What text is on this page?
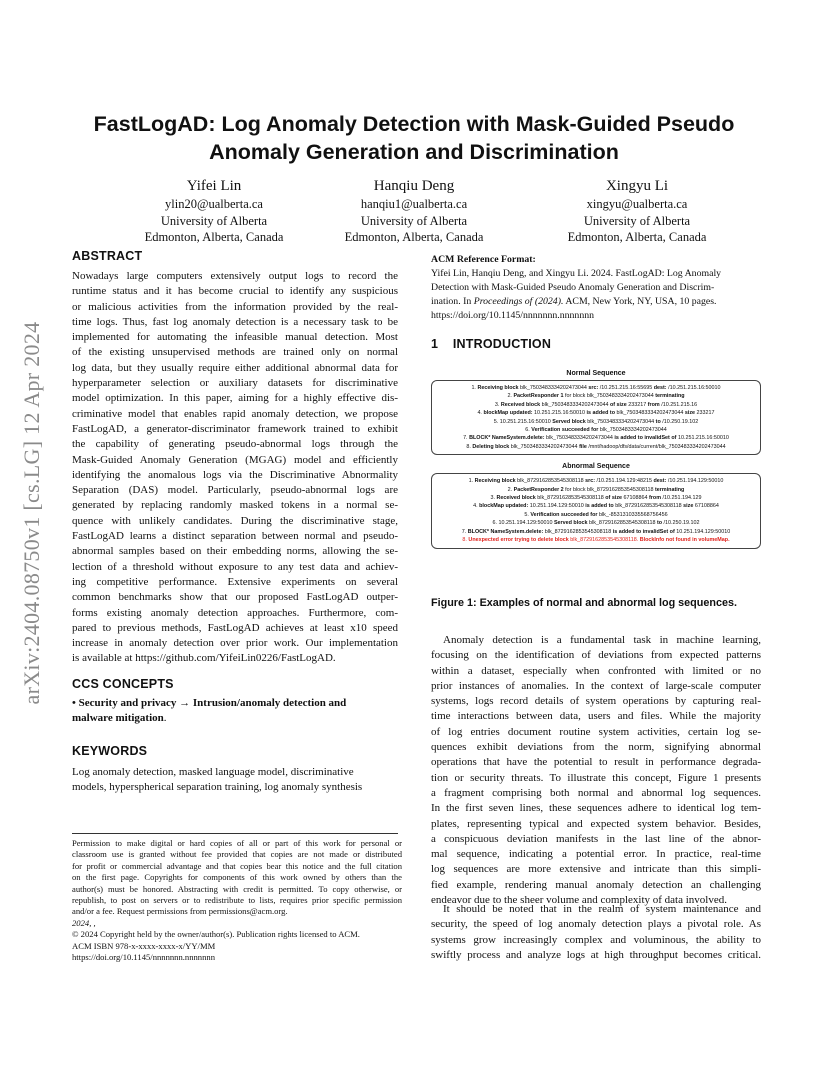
arXiv:2404.08750v1 [cs.LG] 12 Apr 2024
FastLogAD: Log Anomaly Detection with Mask-Guided Pseudo
Anomaly Generation and Discrimination
Yifei Lin
ylin20@ualberta.ca
University of Alberta
Edmonton, Alberta, Canada
Hanqiu Deng
hanqiu1@ualberta.ca
University of Alberta
Edmonton, Alberta, Canada
Xingyu Li
xingyu@ualberta.ca
University of Alberta
Edmonton, Alberta, Canada
ABSTRACT
Nowadays large computers extensively output logs to record the
runtime status and it has become crucial to identify any suspicious
or malicious activities from the information provided by the real-
time logs. Thus, fast log anomaly detection is a necessary task to be
implemented for automating the infeasible manual detection. Most
of the existing unsupervised methods are trained only on normal
log data, but they usually require either additional abnormal data for
hyperparameter selection or auxiliary datasets for discriminative
model optimization. In this paper, aiming for a highly effective dis-
criminative model that enables rapid anomaly detection, we propose
FastLogAD, a generator-discriminator framework trained to exhibit
the capability of generating pseudo-abnormal logs through the
Mask-Guided Anomaly Generation (MGAG) model and efficiently
identifying the anomalous logs via the Discriminative Abnormality
Separation (DAS) model. Particularly, pseudo-abnormal logs are
generated by replacing randomly masked tokens in a normal se-
quence with unlikely candidates. During the discriminative stage,
FastLogAD learns a distinct separation between normal and pseudo-
abnormal samples based on their embedding norms, allowing the se-
lection of a threshold without exposure to any test data and achiev-
ing competitive performance. Extensive experiments on several
common benchmarks show that our proposed FastLogAD outper-
forms existing anomaly detection approaches. Furthermore, com-
pared to previous methods, FastLogAD achieves at least x10 speed
increase in anomaly detection over prior work. Our implementation
is available at https://github.com/YifeiLin0226/FastLogAD.
CCS CONCEPTS
• Security and privacy → Intrusion/anomaly detection and
malware mitigation.
KEYWORDS
Log anomaly detection, masked language model, discriminative
models, hyperspherical separation training, log anomaly synthesis
Permission to make digital or hard copies of all or part of this work for personal or
classroom use is granted without fee provided that copies are not made or distributed
for profit or commercial advantage and that copies bear this notice and the full citation
on the first page. Copyrights for components of this work owned by others than the
author(s) must be honored. Abstracting with credit is permitted. To copy otherwise, or
republish, to post on servers or to redistribute to lists, requires prior specific permission
and/or a fee. Request permissions from permissions@acm.org.
2024, ,
© 2024 Copyright held by the owner/author(s). Publication rights licensed to ACM.
ACM ISBN 978-x-xxxx-xxxx-x/YY/MM
https://doi.org/10.1145/nnnnnnn.nnnnnnn
ACM Reference Format:
Yifei Lin, Hanqiu Deng, and Xingyu Li. 2024. FastLogAD: Log Anomaly
Detection with Mask-Guided Pseudo Anomaly Generation and Discrim-
ination. In Proceedings of (2024). ACM, New York, NY, USA, 10 pages.
https://doi.org/10.1145/nnnnnnn.nnnnnnn
1 INTRODUCTION
Normal Sequence
1. Receiving block blk_7503483334202473044 src: /10.251.215.16:55695 dest: /10.251.215.16:50010
2. PacketResponder 1 for block blk_7503483334202473044 terminating
3. Received block blk_7503483334202473044 of size 233217 from /10.251.215.16
4. blockMap updated: 10.251.215.16:50010 is added to blk_7503483334202473044 size 233217
5. 10.251.215.16:50010 Served block blk_7503483334202473044 to /10.250.19.102
6. Verification succeeded for blk_7503483334202473044
7. BLOCK* NameSystem.delete: blk_7503483334202473044 is added to invalidSet of 10.251.215.16:50010
8. Deleting block blk_7503483334202473044 file /mnt/hadoop/dfs/data/current/blk_7503483334202473044
Abnormal Sequence
1. Receiving block blk_8729162853545308118 src: /10.251.194.129:48215 dest: /10.251.194.129:50010
2. PacketResponder 2 for block blk_8729162853545308118 terminating
3. Received block blk_8729162853545308118 of size 67108864 from /10.251.194.129
4. blockMap updated: 10.251.194.129:50010 is added to blk_8729162853545308118 size 67108864
5. Verification succeeded for blk_-8531310335568756456
6. 10.251.194.129:50010 Served block blk_8729162853545308118 to /10.250.19.102
7. BLOCK* NameSystem.delete: blk_8729162853545308118 is added to invalidSet of 10.251.194.129:50010
8. Unexpected error trying to delete block blk_8729162853545308118. BlockInfo not found in volumeMap.
Figure 1: Examples of normal and abnormal log sequences.
Anomaly detection is a fundamental task in machine learning,
focusing on the identification of deviations from expected patterns
within a dataset, especially when confronted with limited or no
prior instances of anomalies. In the context of large-scale computer
systems, logs record details of system operations by capturing real-
time interactions between data, users and files. While the majority
of log entries document routine system activities, certain log se-
quences exhibit deviations from the norm, signifying abnormal
operations that have the potential to result in performance degrada-
tion or security threats. To illustrate this concept, Figure 1 presents
a fragment comprising both normal and abnormal log sequences.
In the first seven lines, these sequences adhere to identical log tem-
plates, representing typical and expected system behavior. Besides,
a conspicuous deviation manifests in the last line of the abnor-
mal sequence, indicating a potential error. In practice, real-time
log sequences are more extensive and intricate than this simpli-
fied example, rendering manual anomaly detection an challenging
endeavor due to the sheer volume and complexity of data involved.
It should be noted that in the realm of system maintenance and
security, the speed of log anomaly detection plays a pivotal role. As
systems grow increasingly complex and voluminous, the ability to
swiftly process and analyze logs at high throughput becomes critical.
